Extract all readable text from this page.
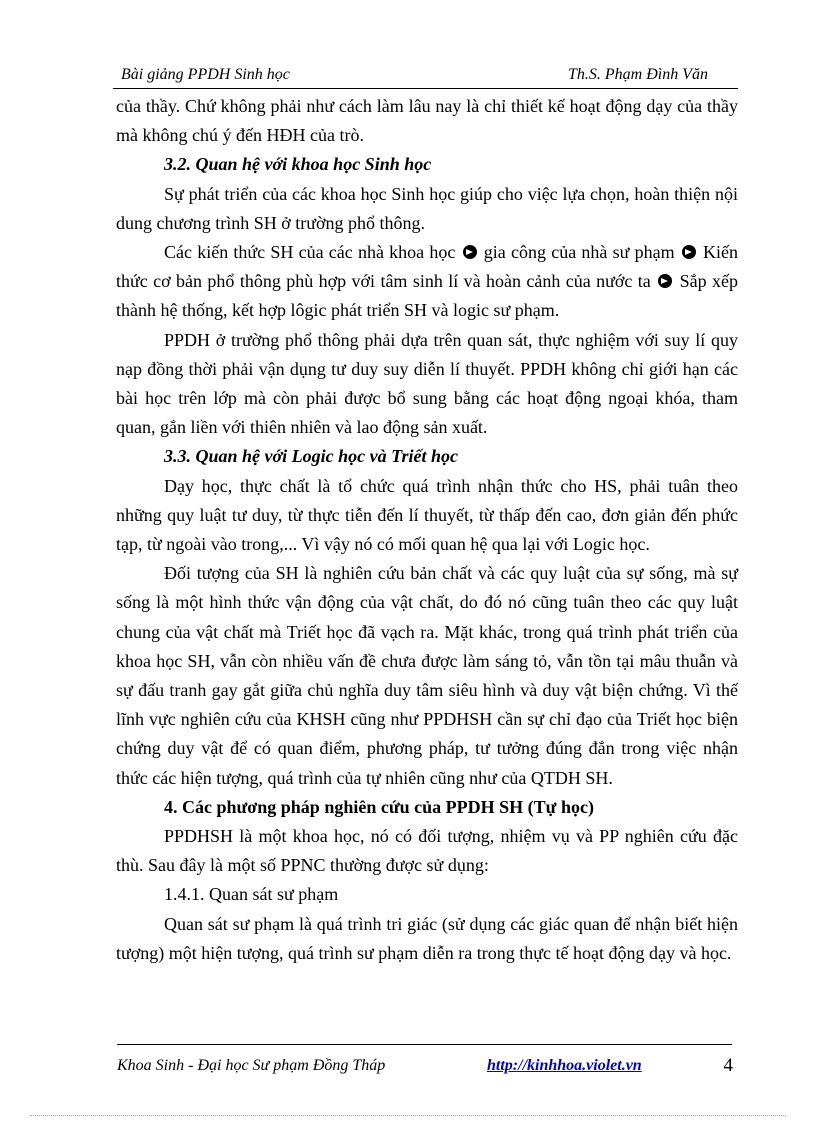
Bài giảng PPDH Sinh học	Th.S. Phạm Đình Văn

của thầy. Chứ không phải như cách làm lâu nay là chỉ thiết kế hoạt động dạy của thầy mà không chú ý đến HĐH của trò.

3.2. Quan hệ với khoa học Sinh học

Sự phát triển của các khoa học Sinh học giúp cho việc lựa chọn, hoàn thiện nội dung chương trình SH ở trường phổ thông.

Các kiến thức SH của các nhà khoa học gia công của nhà sư phạm Kiến thức cơ bản phổ thông phù hợp với tâm sinh lí và hoàn cảnh của nước ta Sắp xếp thành hệ thống, kết hợp lôgic phát triển SH và logic sư phạm.

PPDH ở trường phổ thông phải dựa trên quan sát, thực nghiệm với suy lí quy nạp đồng thời phải vận dụng tư duy suy diễn lí thuyết. PPDH không chỉ giới hạn các bài học trên lớp mà còn phải được bổ sung bằng các hoạt động ngoại khóa, tham quan, gắn liền với thiên nhiên và lao động sản xuất.

3.3. Quan hệ với Logic học và Triết học

Dạy học, thực chất là tổ chức quá trình nhận thức cho HS, phải tuân theo những quy luật tư duy, từ thực tiễn đến lí thuyết, từ thấp đến cao, đơn giản đến phức tạp, từ ngoài vào trong,... Vì vậy nó có mối quan hệ qua lại với Logic học.

Đối tượng của SH là nghiên cứu bản chất và các quy luật của sự sống, mà sự sống là một hình thức vận động của vật chất, do đó nó cũng tuân theo các quy luật chung của vật chất mà Triết học đã vạch ra. Mặt khác, trong quá trình phát triển của khoa học SH, vẫn còn nhiều vấn đề chưa được làm sáng tỏ, vẫn tồn tại mâu thuẫn và sự đấu tranh gay gắt giữa chủ nghĩa duy tâm siêu hình và duy vật biện chứng. Vì thế lĩnh vực nghiên cứu của KHSH cũng như PPDHSH cần sự chỉ đạo của Triết học biện chứng duy vật để có quan điểm, phương pháp, tư tưởng đúng đắn trong việc nhận thức các hiện tượng, quá trình của tự nhiên cũng như của QTDH SH.

4. Các phương pháp nghiên cứu của PPDH SH (Tự học)

PPDHSH là một khoa học, nó có đối tượng, nhiệm vụ và PP nghiên cứu đặc thù. Sau đây là một số PPNC thường được sử dụng:

1.4.1. Quan sát sư phạm

Quan sát sư phạm là quá trình tri giác (sử dụng các giác quan để nhận biết hiện tượng) một hiện tượng, quá trình sư phạm diễn ra trong thực tế hoạt động dạy và học.

Khoa Sinh - Đại học Sư phạm Đồng Tháp	http://kinhhoa.violet.vn	4
